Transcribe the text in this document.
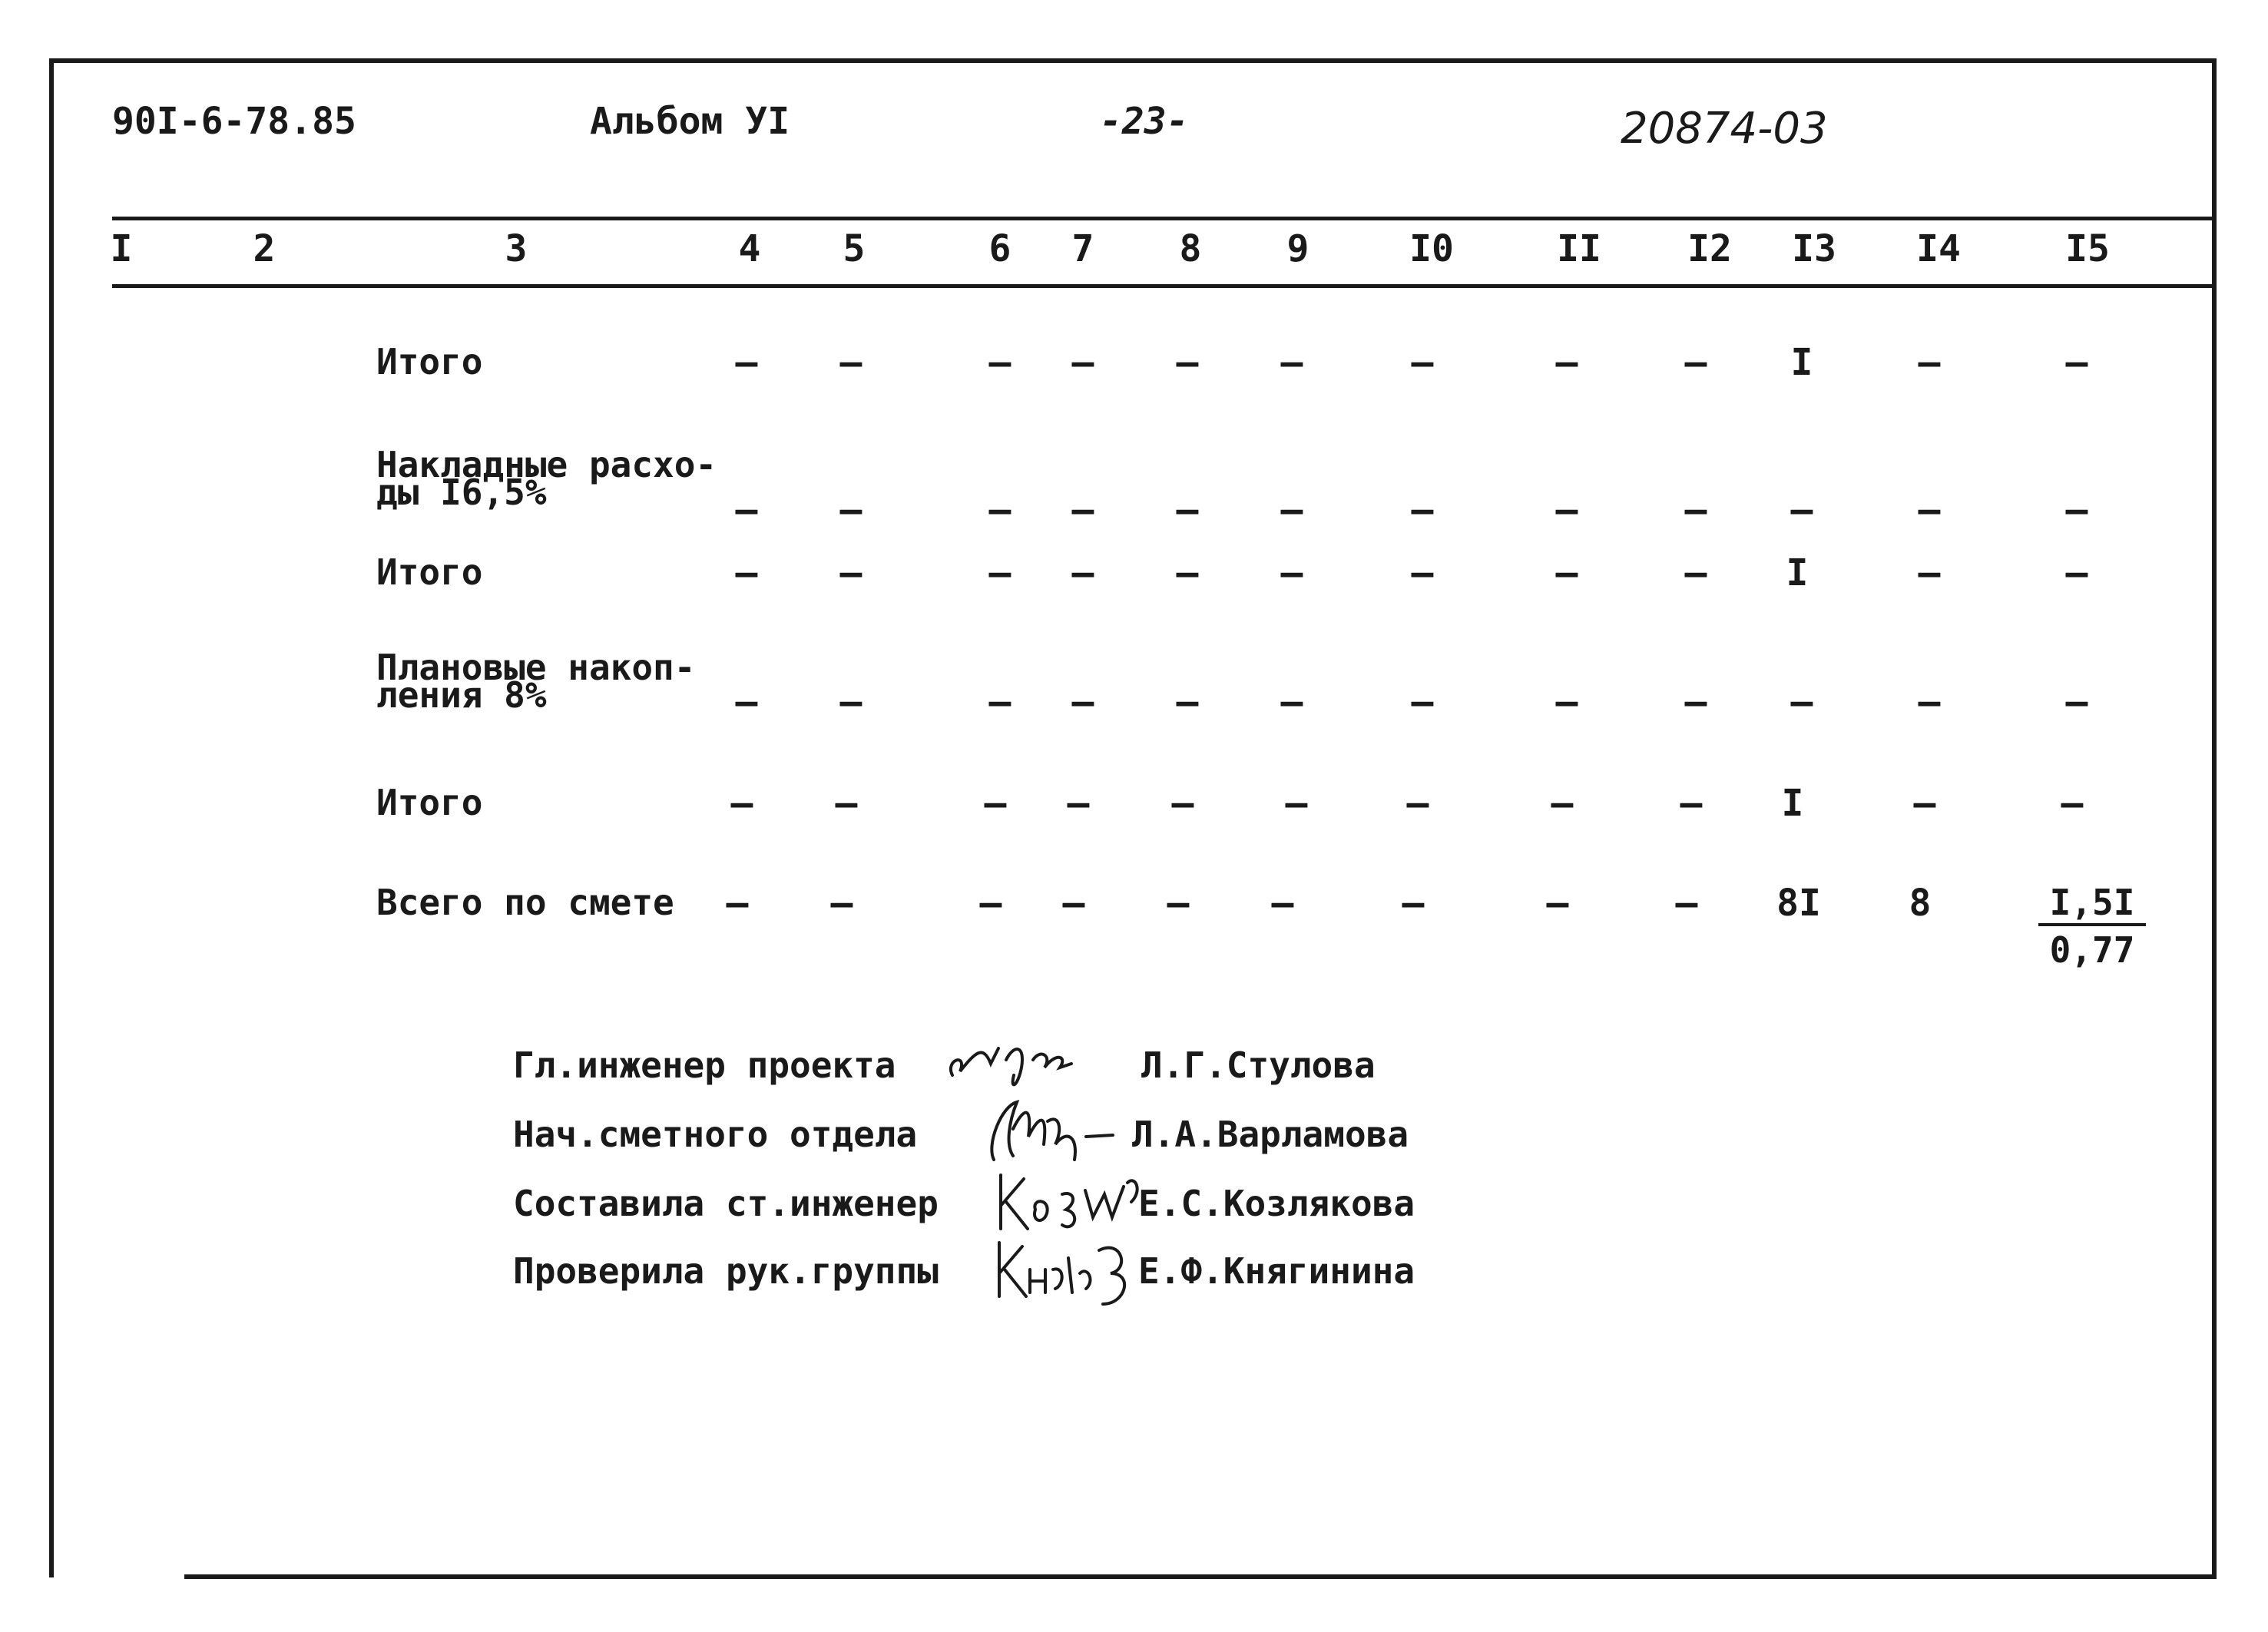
90I-6-78.85	Альбом УI	-23-	20874-03
I	2	3	4	5	6	7	8	9	I0	II	I2	I3	I4	I5
Итого	–	–	–	–	–	–	–	–	–	I	–	–
Накладные расхо-
ды I6,5%	–	–	–	–	–	–	–	–	–	–	–	–
Итого	–	–	–	–	–	–	–	–	–	I	–	–
Плановые накоп-
ления 8%	–	–	–	–	–	–	–	–	–	–	–	–
Итого	–	–	–	–	–	—	–	–	–	I	–	–
Всего по смете	–	–	–	–	–	–	–	–	–	8I	8	$\frac{I,5I}{0,77}$
Гл.инженер проекта	Л.Г.Стулова
Нач.сметного отдела	Л.А.Варламова
Составила ст.инженер	Е.С.Козлякова
Проверила рук.группы	Е.Ф.Княгинина
